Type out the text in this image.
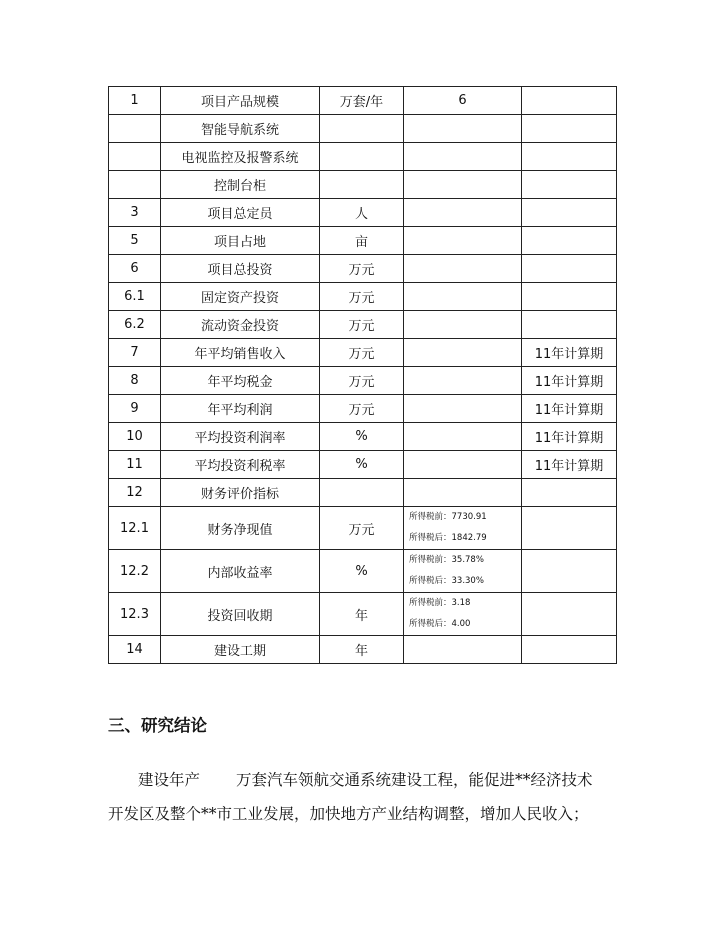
1	项目产品规模	万套/年	6	
	智能导航系统			
	电视监控及报警系统			
	控制台柜			
3	项目总定员	人		
5	项目占地	亩		
6	项目总投资	万元		
6.1	固定资产投资	万元		
6.2	流动资金投资	万元		
7	年平均销售收入	万元		11年计算期
8	年平均税金	万元		11年计算期
9	年平均利润	万元		11年计算期
10	平均投资利润率	%		11年计算期
11	平均投资利税率	%		11年计算期
12	财务评价指标			
12.1	财务净现值	万元	所得税前：7730.91
所得税后：1842.79	

12.2	内部收益率	%	所得税前：35.78%
所得税后：33.30%	

12.3	投资回收期	年	所得税前：3.18
所得税后：4.00	

14	建设工期	年		
三、研究结论

建设年产 万套汽车领航交通系统建设工程，能促进**经济技术

开发区及整个**市工业发展，加快地方产业结构调整，增加人民收入；
